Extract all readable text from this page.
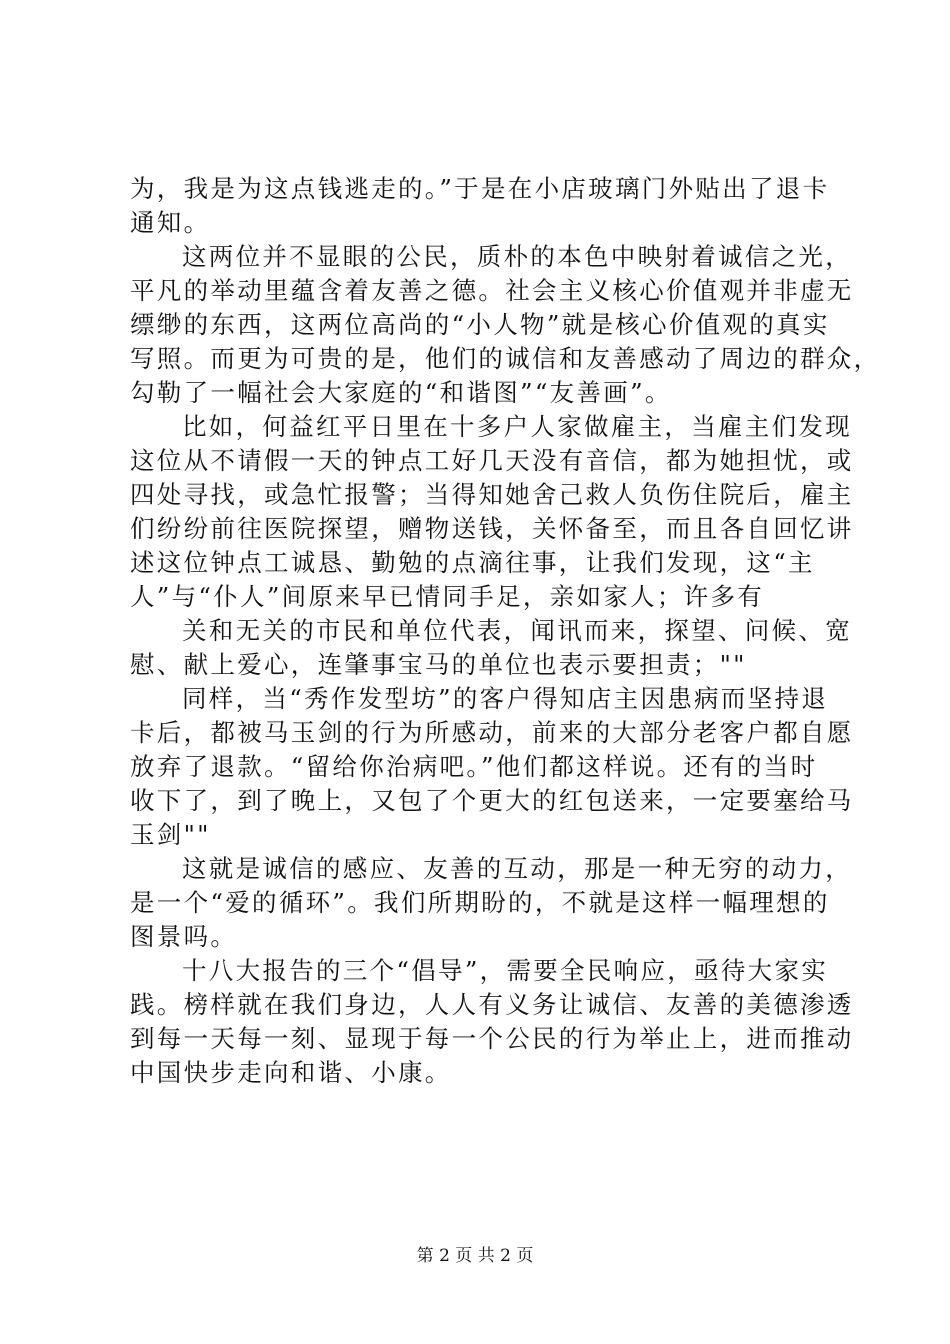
为，我是为这点钱逃走的。”于是在小店玻璃门外贴出了退卡
通知。
这两位并不显眼的公民，质朴的本色中映射着诚信之光，
平凡的举动里蕴含着友善之德。社会主义核心价值观并非虚无
缥缈的东西，这两位高尚的“小人物”就是核心价值观的真实
写照。而更为可贵的是，他们的诚信和友善感动了周边的群众，
勾勒了一幅社会大家庭的“和谐图”“友善画”。
比如，何益红平日里在十多户人家做雇主，当雇主们发现
这位从不请假一天的钟点工好几天没有音信，都为她担忧，或
四处寻找，或急忙报警；当得知她舍己救人负伤住院后，雇主
们纷纷前往医院探望，赠物送钱，关怀备至，而且各自回忆讲
述这位钟点工诚恳、勤勉的点滴往事，让我们发现，这“主
人”与“仆人”间原来早已情同手足，亲如家人；许多有
关和无关的市民和单位代表，闻讯而来，探望、问候、宽
慰、献上爱心，连肇事宝马的单位也表示要担责；""
同样，当“秀作发型坊”的客户得知店主因患病而坚持退
卡后，都被马玉剑的行为所感动，前来的大部分老客户都自愿
放弃了退款。“留给你治病吧。”他们都这样说。还有的当时
收下了，到了晚上，又包了个更大的红包送来，一定要塞给马
玉剑""
这就是诚信的感应、友善的互动，那是一种无穷的动力，
是一个“爱的循环”。我们所期盼的，不就是这样一幅理想的
图景吗。
十八大报告的三个“倡导”，需要全民响应，亟待大家实
践。榜样就在我们身边，人人有义务让诚信、友善的美德渗透
到每一天每一刻、显现于每一个公民的行为举止上，进而推动
中国快步走向和谐、小康。
第 2 页 共 2 页
